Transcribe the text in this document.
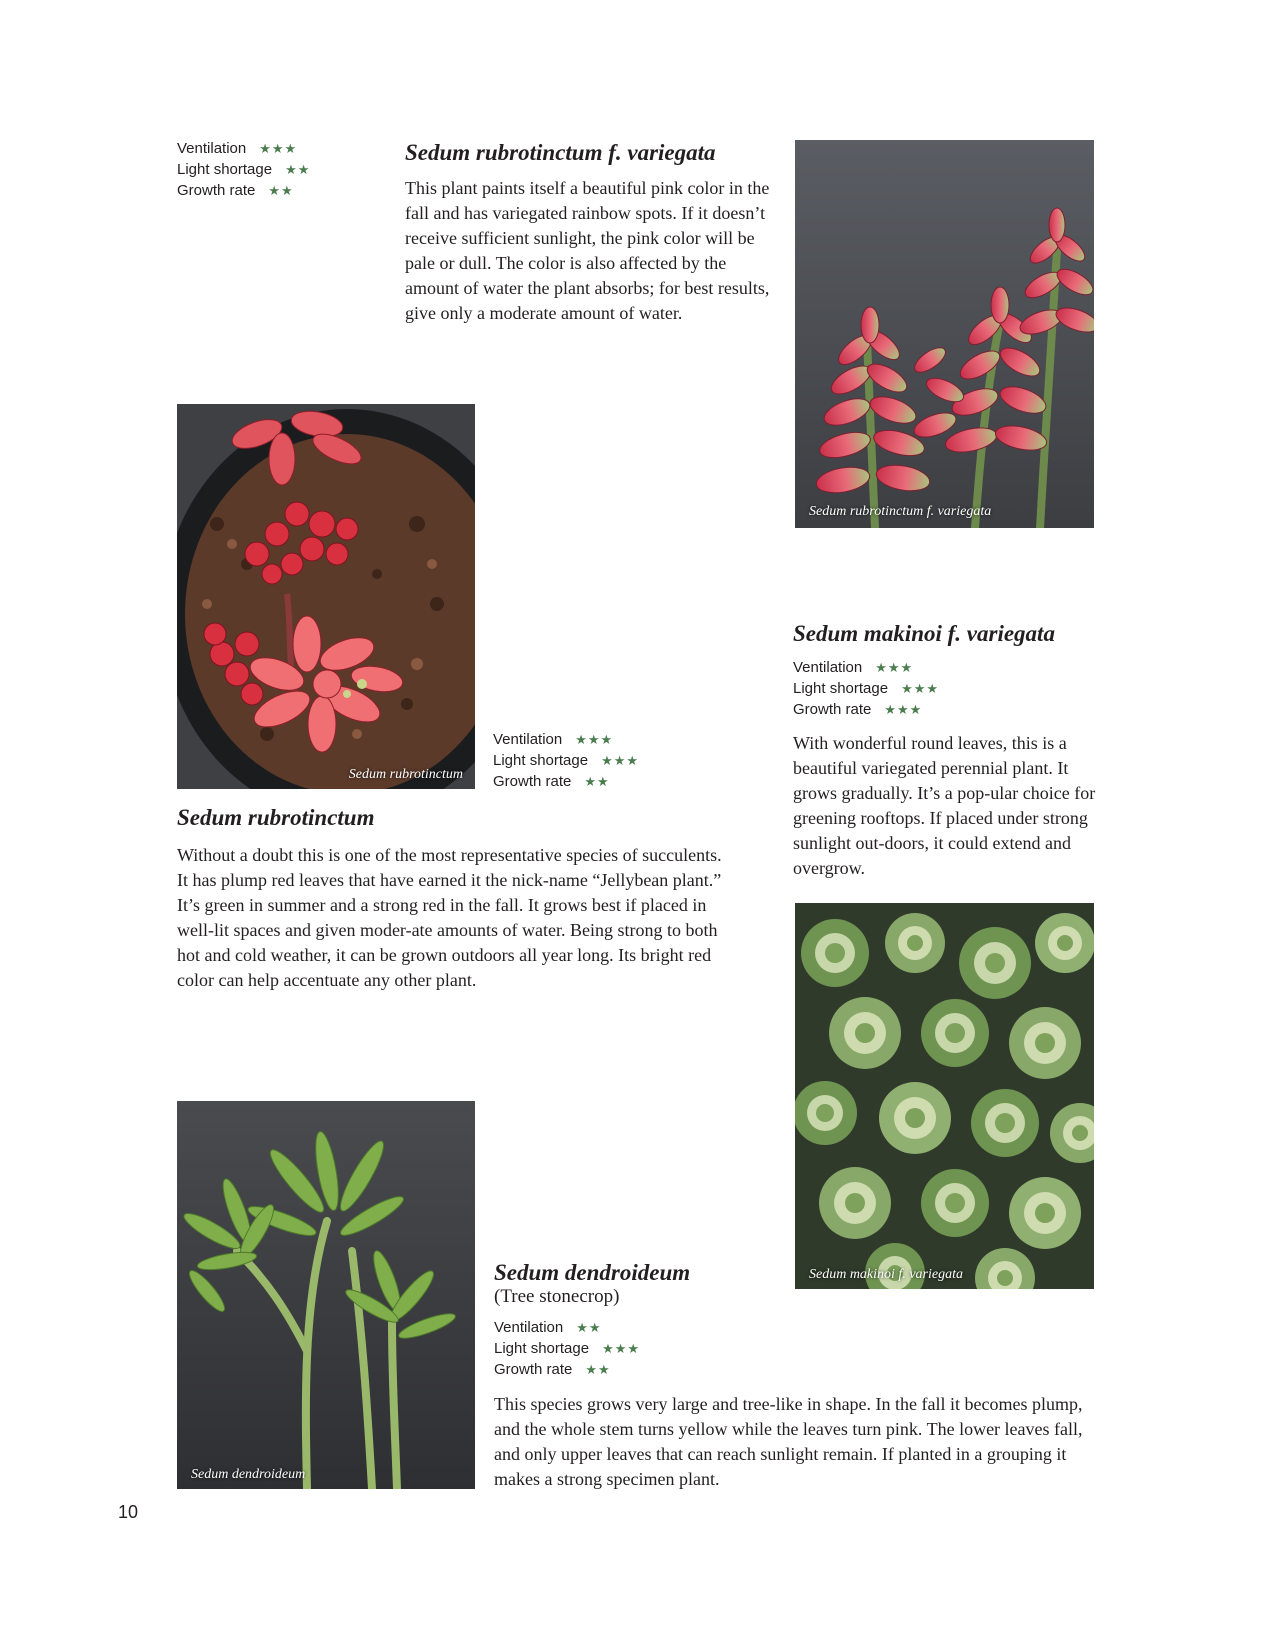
Ventilation ★★★
Light shortage ★★
Growth rate ★★
Sedum rubrotinctum f. variegata

This plant paints itself a beautiful pink color in the fall and has variegated rainbow spots. If it doesn’t receive sufficient sunlight, the pink color will be pale or dull. The color is also affected by the amount of water the plant absorbs; for best results, give only a moderate amount of water.

Sedum rubrotinctum f. variegata
Sedum rubrotinctum
Ventilation ★★★
Light shortage ★★★
Growth rate ★★
Sedum rubrotinctum

Without a doubt this is one of the most representative species of succulents. It has plump red leaves that have earned it the nick-name “Jellybean plant.” It’s green in summer and a strong red in the fall. It grows best if placed in well-lit spaces and given moder-ate amounts of water. Being strong to both hot and cold weather, it can be grown outdoors all year long. Its bright red color can help accentuate any other plant.

Sedum makinoi f. variegata
Ventilation ★★★
Light shortage ★★★
Growth rate ★★★

With wonderful round leaves, this is a beautiful variegated perennial plant. It grows gradually. It’s a pop-ular choice for greening rooftops. If placed under strong sunlight out-doors, it could extend and overgrow.

Sedum makinoi f. variegata
Sedum dendroideum
Sedum dendroideum
(Tree stonecrop)
Ventilation ★★
Light shortage ★★★
Growth rate ★★

This species grows very large and tree-like in shape. In the fall it becomes plump, and the whole stem turns yellow while the leaves turn pink. The lower leaves fall, and only upper leaves that can reach sunlight remain. If planted in a grouping it makes a strong specimen plant.

10
